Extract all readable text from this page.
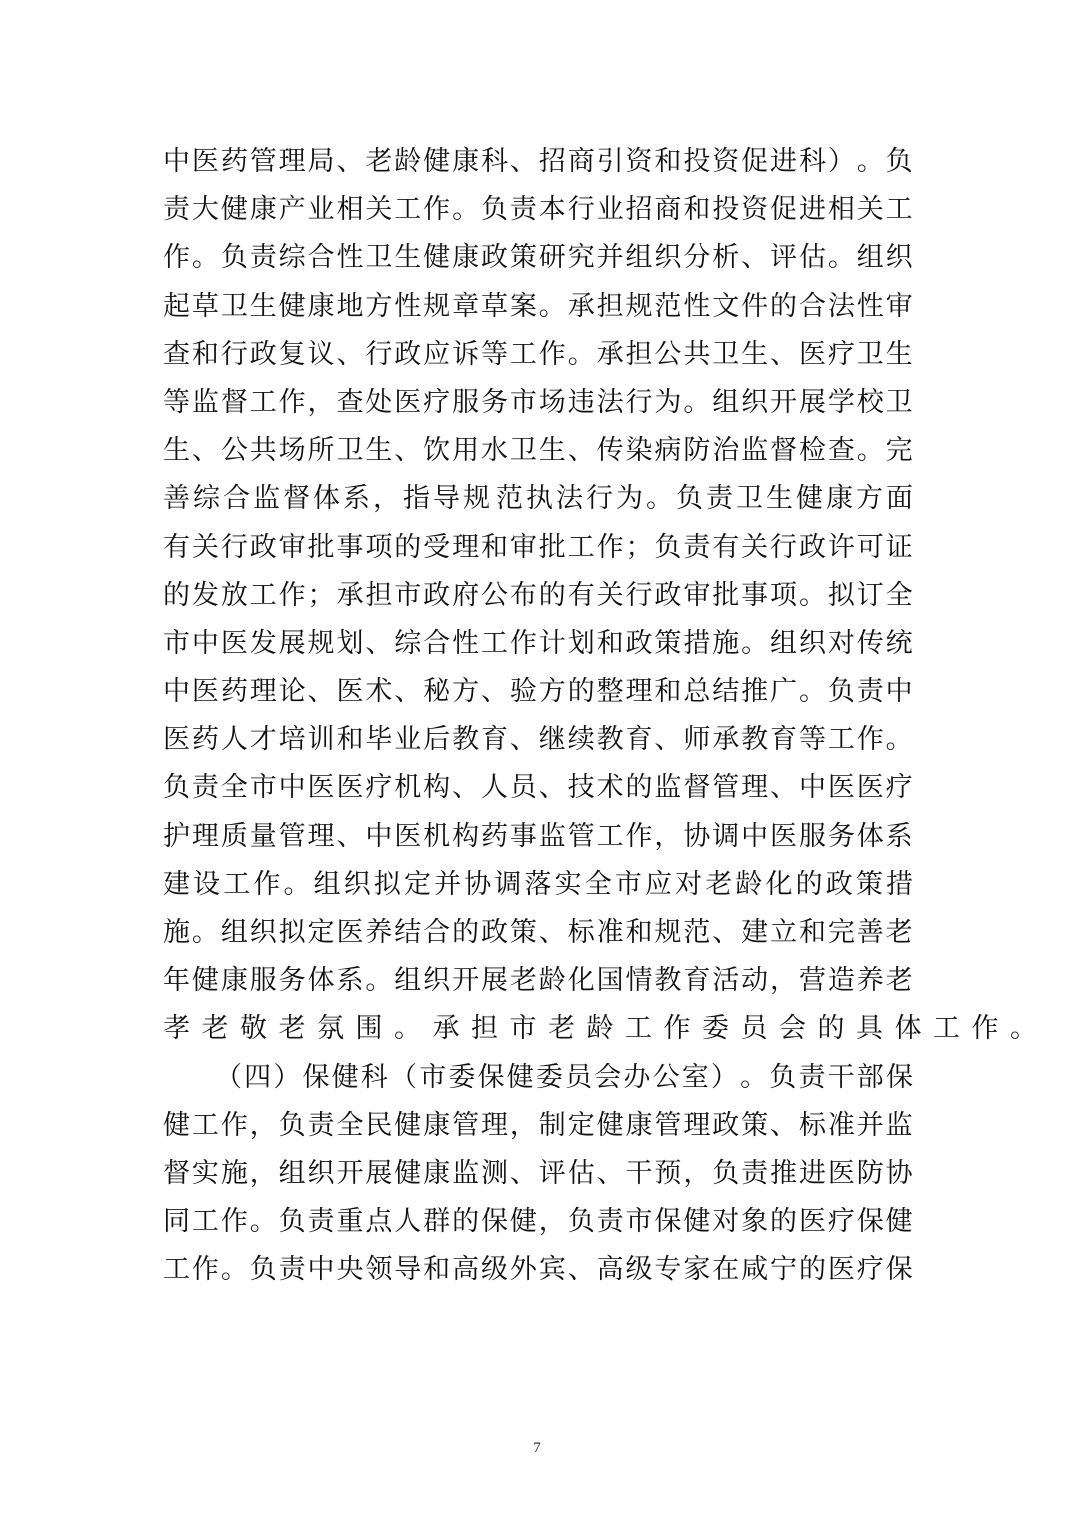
中 医 药 管 理 局 、 老 龄 健 康 科 、 招 商 引 资 和 投 资 促 进 科 ） 。 负
责 大 健 康 产 业 相 关 工 作 。 负 责 本 行 业 招 商 和 投 资 促 进 相 关 工
作 。 负 责 综 合 性 卫 生 健 康 政 策 研 究 并 组 织 分 析 、 评 估 。 组 织
起 草 卫 生 健 康 地 方 性 规 章 草 案 。 承 担 规 范 性 文 件 的 合 法 性 审
查 和 行 政 复 议 、 行 政 应 诉 等 工 作 。 承 担 公 共 卫 生 、 医 疗 卫 生
等 监 督 工 作 ， 查 处 医 疗 服 务 市 场 违 法 行 为 。 组 织 开 展 学 校 卫
生 、 公 共 场 所 卫 生 、 饮 用 水 卫 生 、 传 染 病 防 治 监 督 检 查 。 完
善 综 合 监 督 体 系 ， 指 导 规 范 执 法 行 为 。 负 责 卫 生 健 康 方 面
有 关 行 政 审 批 事 项 的 受 理 和 审 批 工 作 ； 负 责 有 关 行 政 许 可 证
的 发 放 工 作 ； 承 担 市 政 府 公 布 的 有 关 行 政 审 批 事 项 。 拟 订 全
市 中 医 发 展 规 划 、 综 合 性 工 作 计 划 和 政 策 措 施 。 组 织 对 传 统
中 医 药 理 论 、 医 术 、 秘 方 、 验 方 的 整 理 和 总 结 推 广 。 负 责 中
医 药 人 才 培 训 和 毕 业 后 教 育 、 继 续 教 育 、 师 承 教 育 等 工 作 。
负 责 全 市 中 医 医 疗 机 构 、 人 员 、 技 术 的 监 督 管 理 、 中 医 医 疗
护 理 质 量 管 理 、 中 医 机 构 药 事 监 管 工 作 ， 协 调 中 医 服 务 体 系
建 设 工 作 。 组 织 拟 定 并 协 调 落 实 全 市 应 对 老 龄 化 的 政 策 措
施 。 组 织 拟 定 医 养 结 合 的 政 策 、 标 准 和 规 范 、 建 立 和 完 善 老
年 健 康 服 务 体 系 。 组 织 开 展 老 龄 化 国 情 教 育 活 动 ， 营 造 养 老
孝老敬老氛围。承担市老龄工作委员会的具体工作。
（ 四 ） 保 健 科 （ 市 委 保 健 委 员 会 办 公 室 ） 。 负 责 干 部 保
健 工 作 ， 负 责 全 民 健 康 管 理 ， 制 定 健 康 管 理 政 策 、 标 准 并 监
督 实 施 ， 组 织 开 展 健 康 监 测 、 评 估 、 干 预 ， 负 责 推 进 医 防 协
同 工 作 。 负 责 重 点 人 群 的 保 健 ， 负 责 市 保 健 对 象 的 医 疗 保 健
工 作 。 负 责 中 央 领 导 和 高 级 外 宾 、 高 级 专 家 在 咸 宁 的 医 疗 保
7
